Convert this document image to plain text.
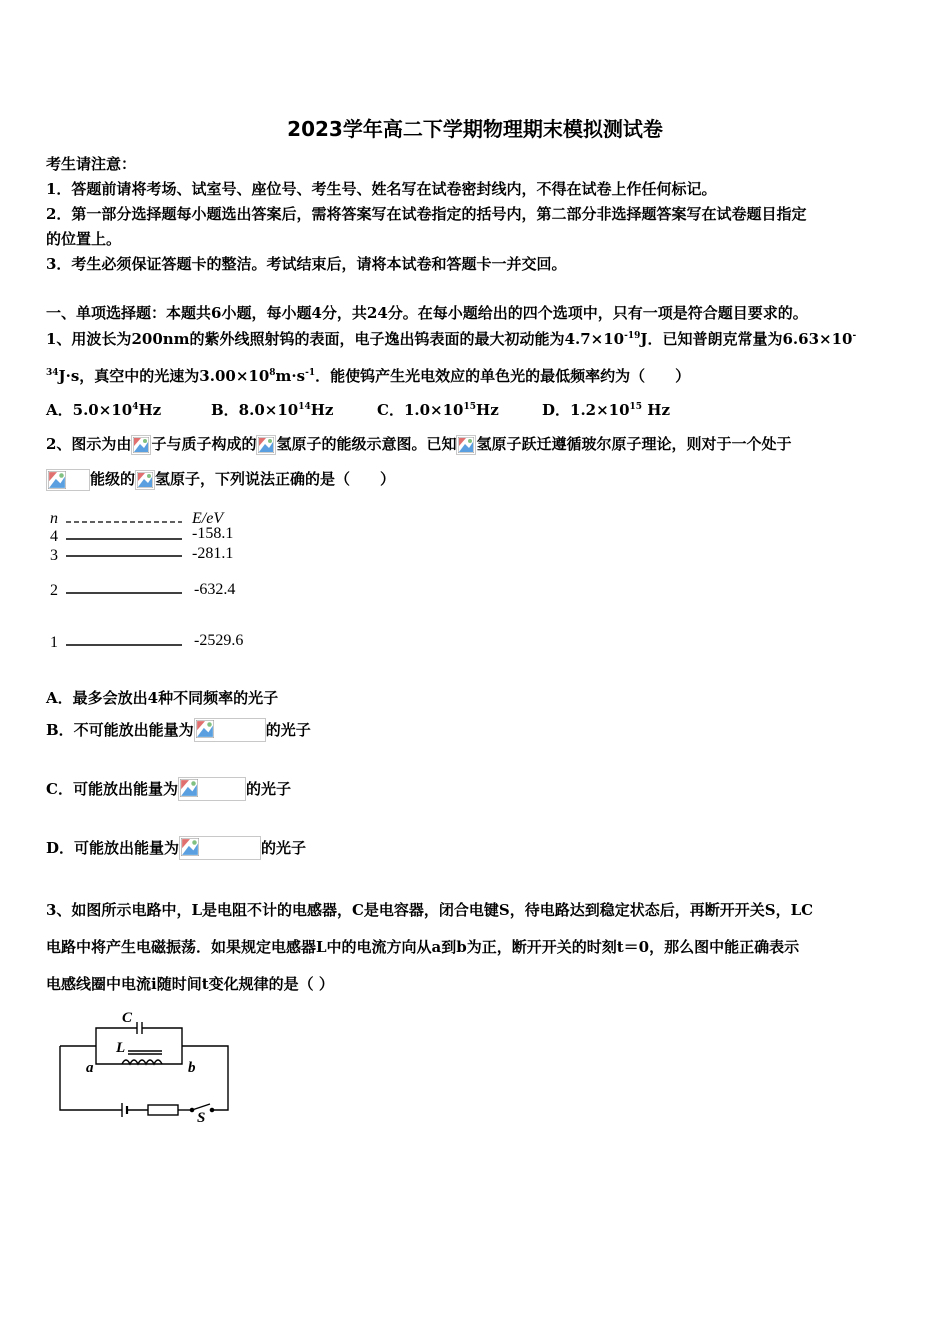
2023学年高二下学期物理期末模拟测试卷
考生请注意：
1．答题前请将考场、试室号、座位号、考生号、姓名写在试卷密封线内，不得在试卷上作任何标记。
2．第一部分选择题每小题选出答案后，需将答案写在试卷指定的括号内，第二部分非选择题答案写在试卷题目指定
的位置上。
3．考生必须保证答题卡的整洁。考试结束后，请将本试卷和答题卡一并交回。
一、单项选择题：本题共6小题，每小题4分，共24分。在每小题给出的四个选项中，只有一项是符合题目要求的。
1、用波长为200nm的紫外线照射钨的表面，电子逸出钨表面的最大初动能为$4.7\times 10^{-19}J$．已知普朗克常量为6.63×10-
$^{34}$J·s，真空中的光速为$3.00\times 10^8m\cdot s^{-1}$．能使钨产生光电效应的单色光的最低频率约为（　　）
A．$5.0\times 10^4Hz$	B．$8.0\times 10^{14}Hz$	C．$1.0\times 10^{15}Hz$	D．$1.2\times 10^{15}$ Hz
2、图示为由 子与质子构成的 氢原子的能级示意图。已知 氢原子跃迁遵循玻尔原子理论，则对于一个处于
能级的 氢原子，下列说法正确的是（　　）
n	E/eV
4	-158.1
3	-281.1
2	-632.4
1	-2529.6
A．最多会放出4种不同频率的光子
B．不可能放出能量为	的光子
C．可能放出能量为	的光子
D．可能放出能量为	的光子
3、如图所示电路中，L是电阻不计的电感器，C是电容器，闭合电键S，待电路达到稳定状态后，再断开开关S，LC
电路中将产生电磁振荡．如果规定电感器L中的电流方向从a到b为正，断开开关的时刻t＝0，那么图中能正确表示
电感线圈中电流i随时间t变化规律的是（ ）
C
L
a	b
S
